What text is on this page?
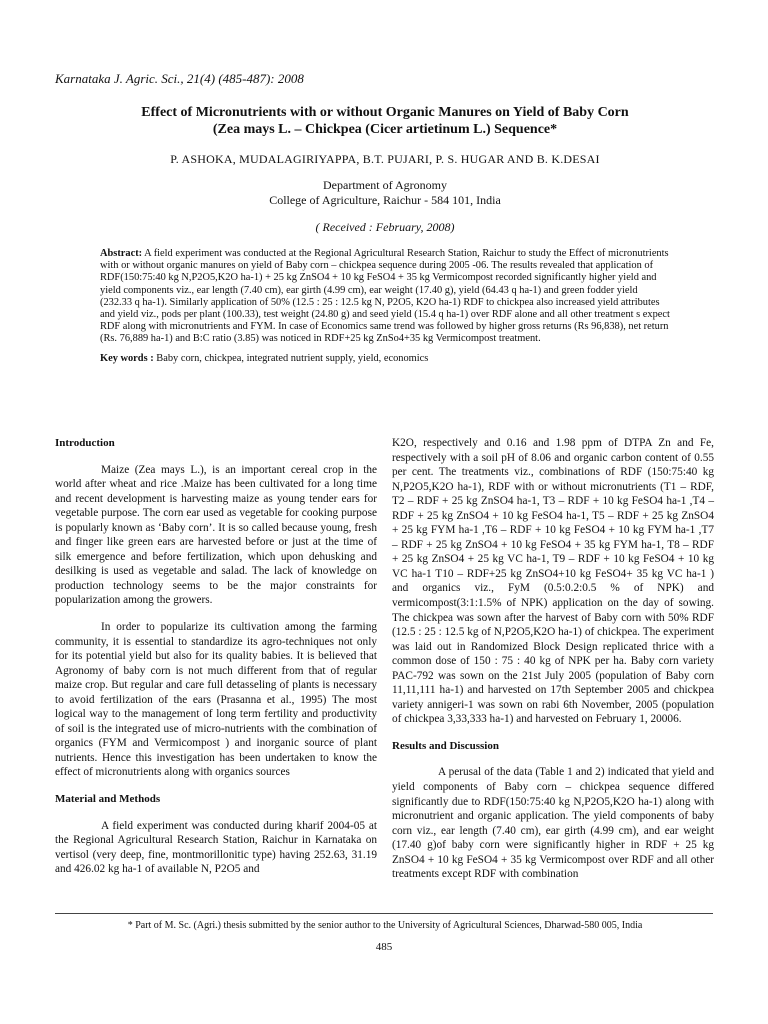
Karnataka J. Agric. Sci., 21(4) (485-487): 2008
Effect of Micronutrients with or without Organic Manures on Yield of Baby Corn
(Zea mays L. – Chickpea (Cicer artietinum L.) Sequence*
P. ASHOKA, MUDALAGIRIYAPPA, B.T. PUJARI, P. S. HUGAR AND B. K.DESAI
Department of Agronomy
College of Agriculture, Raichur - 584 101, India
( Received : February, 2008)
Abstract: A field experiment was conducted at the Regional Agricultural Research Station, Raichur to study the Effect of micronutrients with or without organic manures on yield of Baby corn – chickpea sequence during 2005 -06. The results revealed that application of RDF(150:75:40 kg N,P2O5,K2O ha-1) + 25 kg ZnSO4 + 10 kg FeSO4 + 35 kg Vermicompost recorded significantly higher yield and yield components viz., ear length (7.40 cm), ear girth (4.99 cm), ear weight (17.40 g), yield (64.43 q ha-1) and green fodder yield (232.33 q ha-1). Similarly application of 50% (12.5 : 25 : 12.5 kg N, P2O5, K2O ha-1) RDF to chickpea also increased yield attributes and yield viz., pods per plant (100.33), test weight (24.80 g) and seed yield (15.4 q ha-1) over RDF alone and all other treatment s expect RDF along with micronutrients and FYM. In case of Economics same trend was followed by higher gross returns (Rs 96,838), net return (Rs. 76,889 ha-1) and B:C ratio (3.85) was noticed in RDF+25 kg ZnSo4+35 kg Vermicompost treatment.
Key words : Baby corn, chickpea, integrated nutrient supply, yield, economics
Introduction

Maize (Zea mays L.), is an important cereal crop in the world after wheat and rice .Maize has been cultivated for a long time and recent development is harvesting maize as young tender ears for vegetable purpose. The corn ear used as vegetable for cooking purpose is popularly known as ‘Baby corn’. It is so called because young, fresh and finger like green ears are harvested before or just at the time of silk emergence and before fertilization, which upon dehusking and desilking is used as vegetable and salad. The lack of knowledge on production technology seems to be the major constraints for popularization among the growers.

In order to popularize its cultivation among the farming community, it is essential to standardize its agro-techniques not only for its potential yield but also for its quality babies. It is believed that Agronomy of baby corn is not much different from that of regular maize crop. But regular and care full detasseling of plants is necessary to avoid fertilization of the ears (Prasanna et al., 1995) The most logical way to the management of long term fertility and productivity of soil is the integrated use of micro-nutrients with the combination of organics (FYM and Vermicompost ) and inorganic source of plant nutrients. Hence this investigation has been undertaken to know the effect of micronutrients along with organics sources

Material and Methods

A field experiment was conducted during kharif 2004-05 at the Regional Agricultural Research Station, Raichur in Karnataka on vertisol (very deep, fine, montmorillonitic type) having 252.63, 31.19 and 426.02 kg ha-1 of available N, P2O5 and

K2O, respectively and 0.16 and 1.98 ppm of DTPA Zn and Fe, respectively with a soil pH of 8.06 and organic carbon content of 0.55 per cent. The treatments viz., combinations of RDF (150:75:40 kg N,P2O5,K2O ha-1), RDF with or without micronutrients (T1 – RDF, T2 – RDF + 25 kg ZnSO4 ha-1, T3 – RDF + 10 kg FeSO4 ha-1 ,T4 – RDF + 25 kg ZnSO4 + 10 kg FeSO4 ha-1, T5 – RDF + 25 kg ZnSO4 + 25 kg FYM ha-1 ,T6 – RDF + 10 kg FeSO4 + 10 kg FYM ha-1 ,T7 – RDF + 25 kg ZnSO4 + 10 kg FeSO4 + 35 kg FYM ha-1, T8 – RDF + 25 kg ZnSO4 + 25 kg VC ha-1, T9 – RDF + 10 kg FeSO4 + 10 kg VC ha-1 T10 – RDF+25 kg ZnSO4+10 kg FeSO4+ 35 kg VC ha-1 ) and organics viz., FyM (0.5:0.2:0.5 % of NPK) and vermicompost(3:1:1.5% of NPK) application on the day of sowing. The chickpea was sown after the harvest of Baby corn with 50% RDF (12.5 : 25 : 12.5 kg of N,P2O5,K2O ha-1) of chickpea. The experiment was laid out in Randomized Block Design replicated thrice with a common dose of 150 : 75 : 40 kg of NPK per ha. Baby corn variety PAC-792 was sown on the 21st July 2005 (population of Baby corn 11,11,111 ha-1) and harvested on 17th September 2005 and chickpea variety annigeri-1 was sown on rabi 6th November, 2005 (population of chickpea 3,33,333 ha-1) and harvested on February 1, 20006.

Results and Discussion

A perusal of the data (Table 1 and 2) indicated that yield and yield components of Baby corn – chickpea sequence differed significantly due to RDF(150:75:40 kg N,P2O5,K2O ha-1) along with micronutrient and organic application. The yield components of baby corn viz., ear length (7.40 cm), ear girth (4.99 cm), and ear weight (17.40 g)of baby corn were significantly higher in RDF + 25 kg ZnSO4 + 10 kg FeSO4 + 35 kg Vermicompost over RDF and all other treatments except RDF with combination

* Part of M. Sc. (Agri.) thesis submitted by the senior author to the University of Agricultural Sciences, Dharwad-580 005, India
485
